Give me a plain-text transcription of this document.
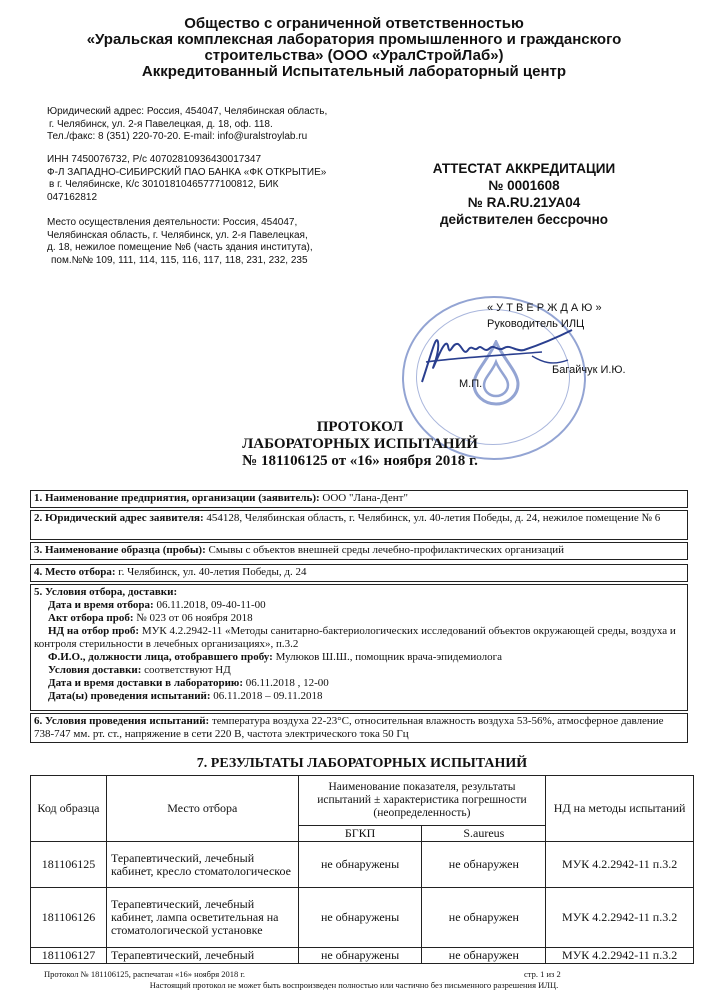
Общество с ограниченной ответственностью
«Уральская комплексная лаборатория промышленного и гражданского
строительства» (ООО «УралСтройЛаб»)
Аккредитованный Испытательный лабораторный центр
Юридический адрес: Россия, 454047, Челябинская область,
г. Челябинск, ул. 2-я Павелецкая, д. 18, оф. 118.
Тел./факс: 8 (351) 220-70-20. E-mail: info@uralstroylab.ru
ИНН 7450076732, Р/с 40702810936430017347
Ф-Л ЗАПАДНО-СИБИРСКИЙ ПАО БАНКА «ФК ОТКРЫТИЕ»
в г. Челябинске, К/с 30101810465777100812, БИК
047162812
Место осуществления деятельности: Россия, 454047,
Челябинская область, г. Челябинск, ул. 2-я Павелецкая,
д. 18, нежилое помещение №6 (часть здания института),
пом.№№ 109, 111, 114, 115, 116, 117, 118, 231, 232, 235
АТТЕСТАТ АККРЕДИТАЦИИ
№ 0001608
№ RA.RU.21УА04
действителен бессрочно
« У Т В Е Р Ж Д А Ю »
Руководитель ИЛЦ
Багайчук И.Ю.
М.П.
ПРОТОКОЛ
ЛАБОРАТОРНЫХ ИСПЫТАНИЙ
№ 181106125 от «16» ноября 2018 г.
1. Наименование предприятия, организации (заявитель): ООО "Лана-Дент"
2. Юридический адрес заявителя: 454128, Челябинская область, г. Челябинск, ул. 40-летия Победы, д. 24, нежилое помещение № 6
3. Наименование образца (пробы): Смывы с объектов внешней среды лечебно-профилактических организаций
4. Место отбора: г. Челябинск, ул. 40-летия Победы, д. 24
5. Условия отбора, доставки:
Дата и время отбора: 06.11.2018, 09-40-11-00
Акт отбора проб: № 023 от 06 ноября 2018
НД на отбор проб: МУК 4.2.2942-11 «Методы санитарно-бактериологических исследований объектов окружающей среды, воздуха и контроля стерильности в лечебных организациях», п.3.2
Ф.И.О., должности лица, отобравшего пробу: Мулюков Ш.Ш., помощник врача-эпидемиолога
Условия доставки: соответствуют НД
Дата и время доставки в лабораторию: 06.11.2018 , 12-00
Дата(ы) проведения испытаний: 06.11.2018 – 09.11.2018
6. Условия проведения испытаний: температура воздуха 22-23°С, относительная влажность воздуха 53-56%, атмосферное давление 738-747 мм. рт. ст., напряжение в сети 220 В, частота электрического тока 50 Гц
7. РЕЗУЛЬТАТЫ ЛАБОРАТОРНЫХ ИСПЫТАНИЙ
Код образца	Место отбора	Наименование показателя, результаты испытаний ± характеристика погрешности (неопределенность)		НД на методы испытаний
		БГКП	S.aureus	
181106125	Терапевтический, лечебный кабинет, кресло стоматологическое	не обнаружены	не обнаружен	МУК 4.2.2942-11 п.3.2
181106126	Терапевтический, лечебный кабинет, лампа осветительная на стоматологической установке	не обнаружены	не обнаружен	МУК 4.2.2942-11 п.3.2
181106127	Терапевтический, лечебный	не обнаружены	не обнаружен	МУК 4.2.2942-11 п.3.2
Протокол № 181106125, распечатан «16» ноября 2018 г.	стр. 1 из 2
Настоящий протокол не может быть воспроизведен полностью или частично без письменного разрешения ИЛЦ.
